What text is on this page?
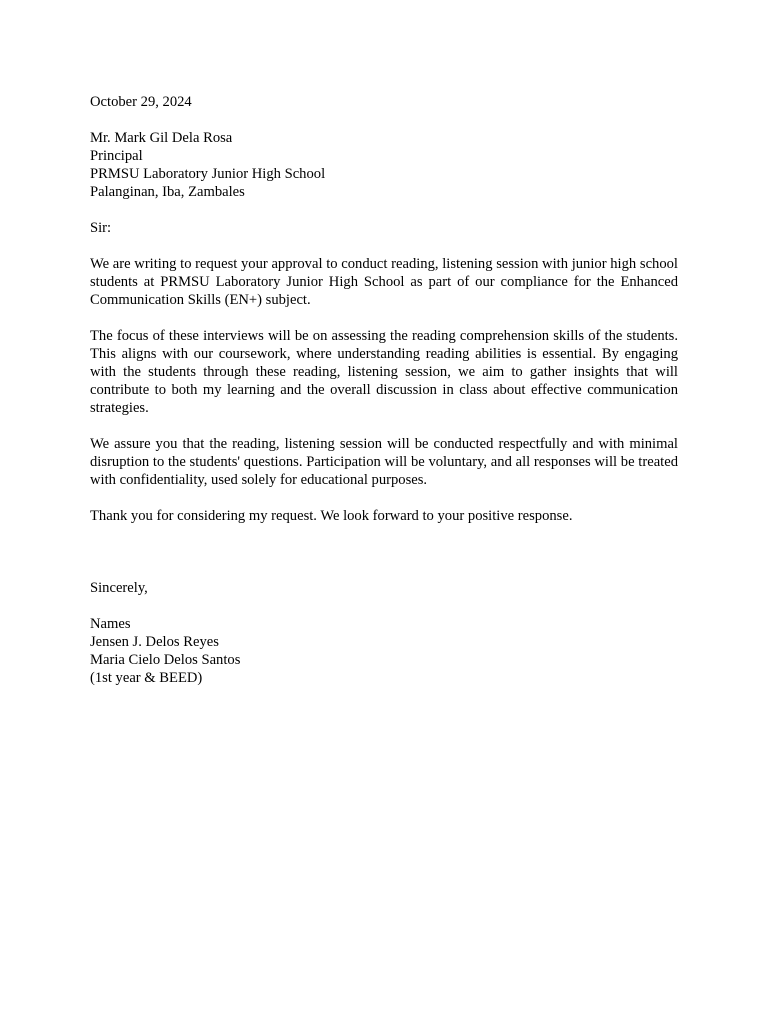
October 29, 2024

Mr. Mark Gil Dela Rosa

Principal

PRMSU Laboratory Junior High School

Palanginan, Iba, Zambales

Sir:

We are writing to request your approval to conduct reading, listening session with junior high school students at PRMSU Laboratory Junior High School as part of our compliance for the Enhanced Communication Skills (EN+) subject.

The focus of these interviews will be on assessing the reading comprehension skills of the students. This aligns with our coursework, where understanding reading abilities is essential. By engaging with the students through these reading, listening session, we aim to gather insights that will contribute to both my learning and the overall discussion in class about effective communication strategies.

We assure you that the reading, listening session will be conducted respectfully and with minimal disruption to the students' questions. Participation will be voluntary, and all responses will be treated with confidentiality, used solely for educational purposes.

Thank you for considering my request. We look forward to your positive response.

Sincerely,

Names

Jensen J. Delos Reyes

Maria Cielo Delos Santos

(1st year & BEED)
